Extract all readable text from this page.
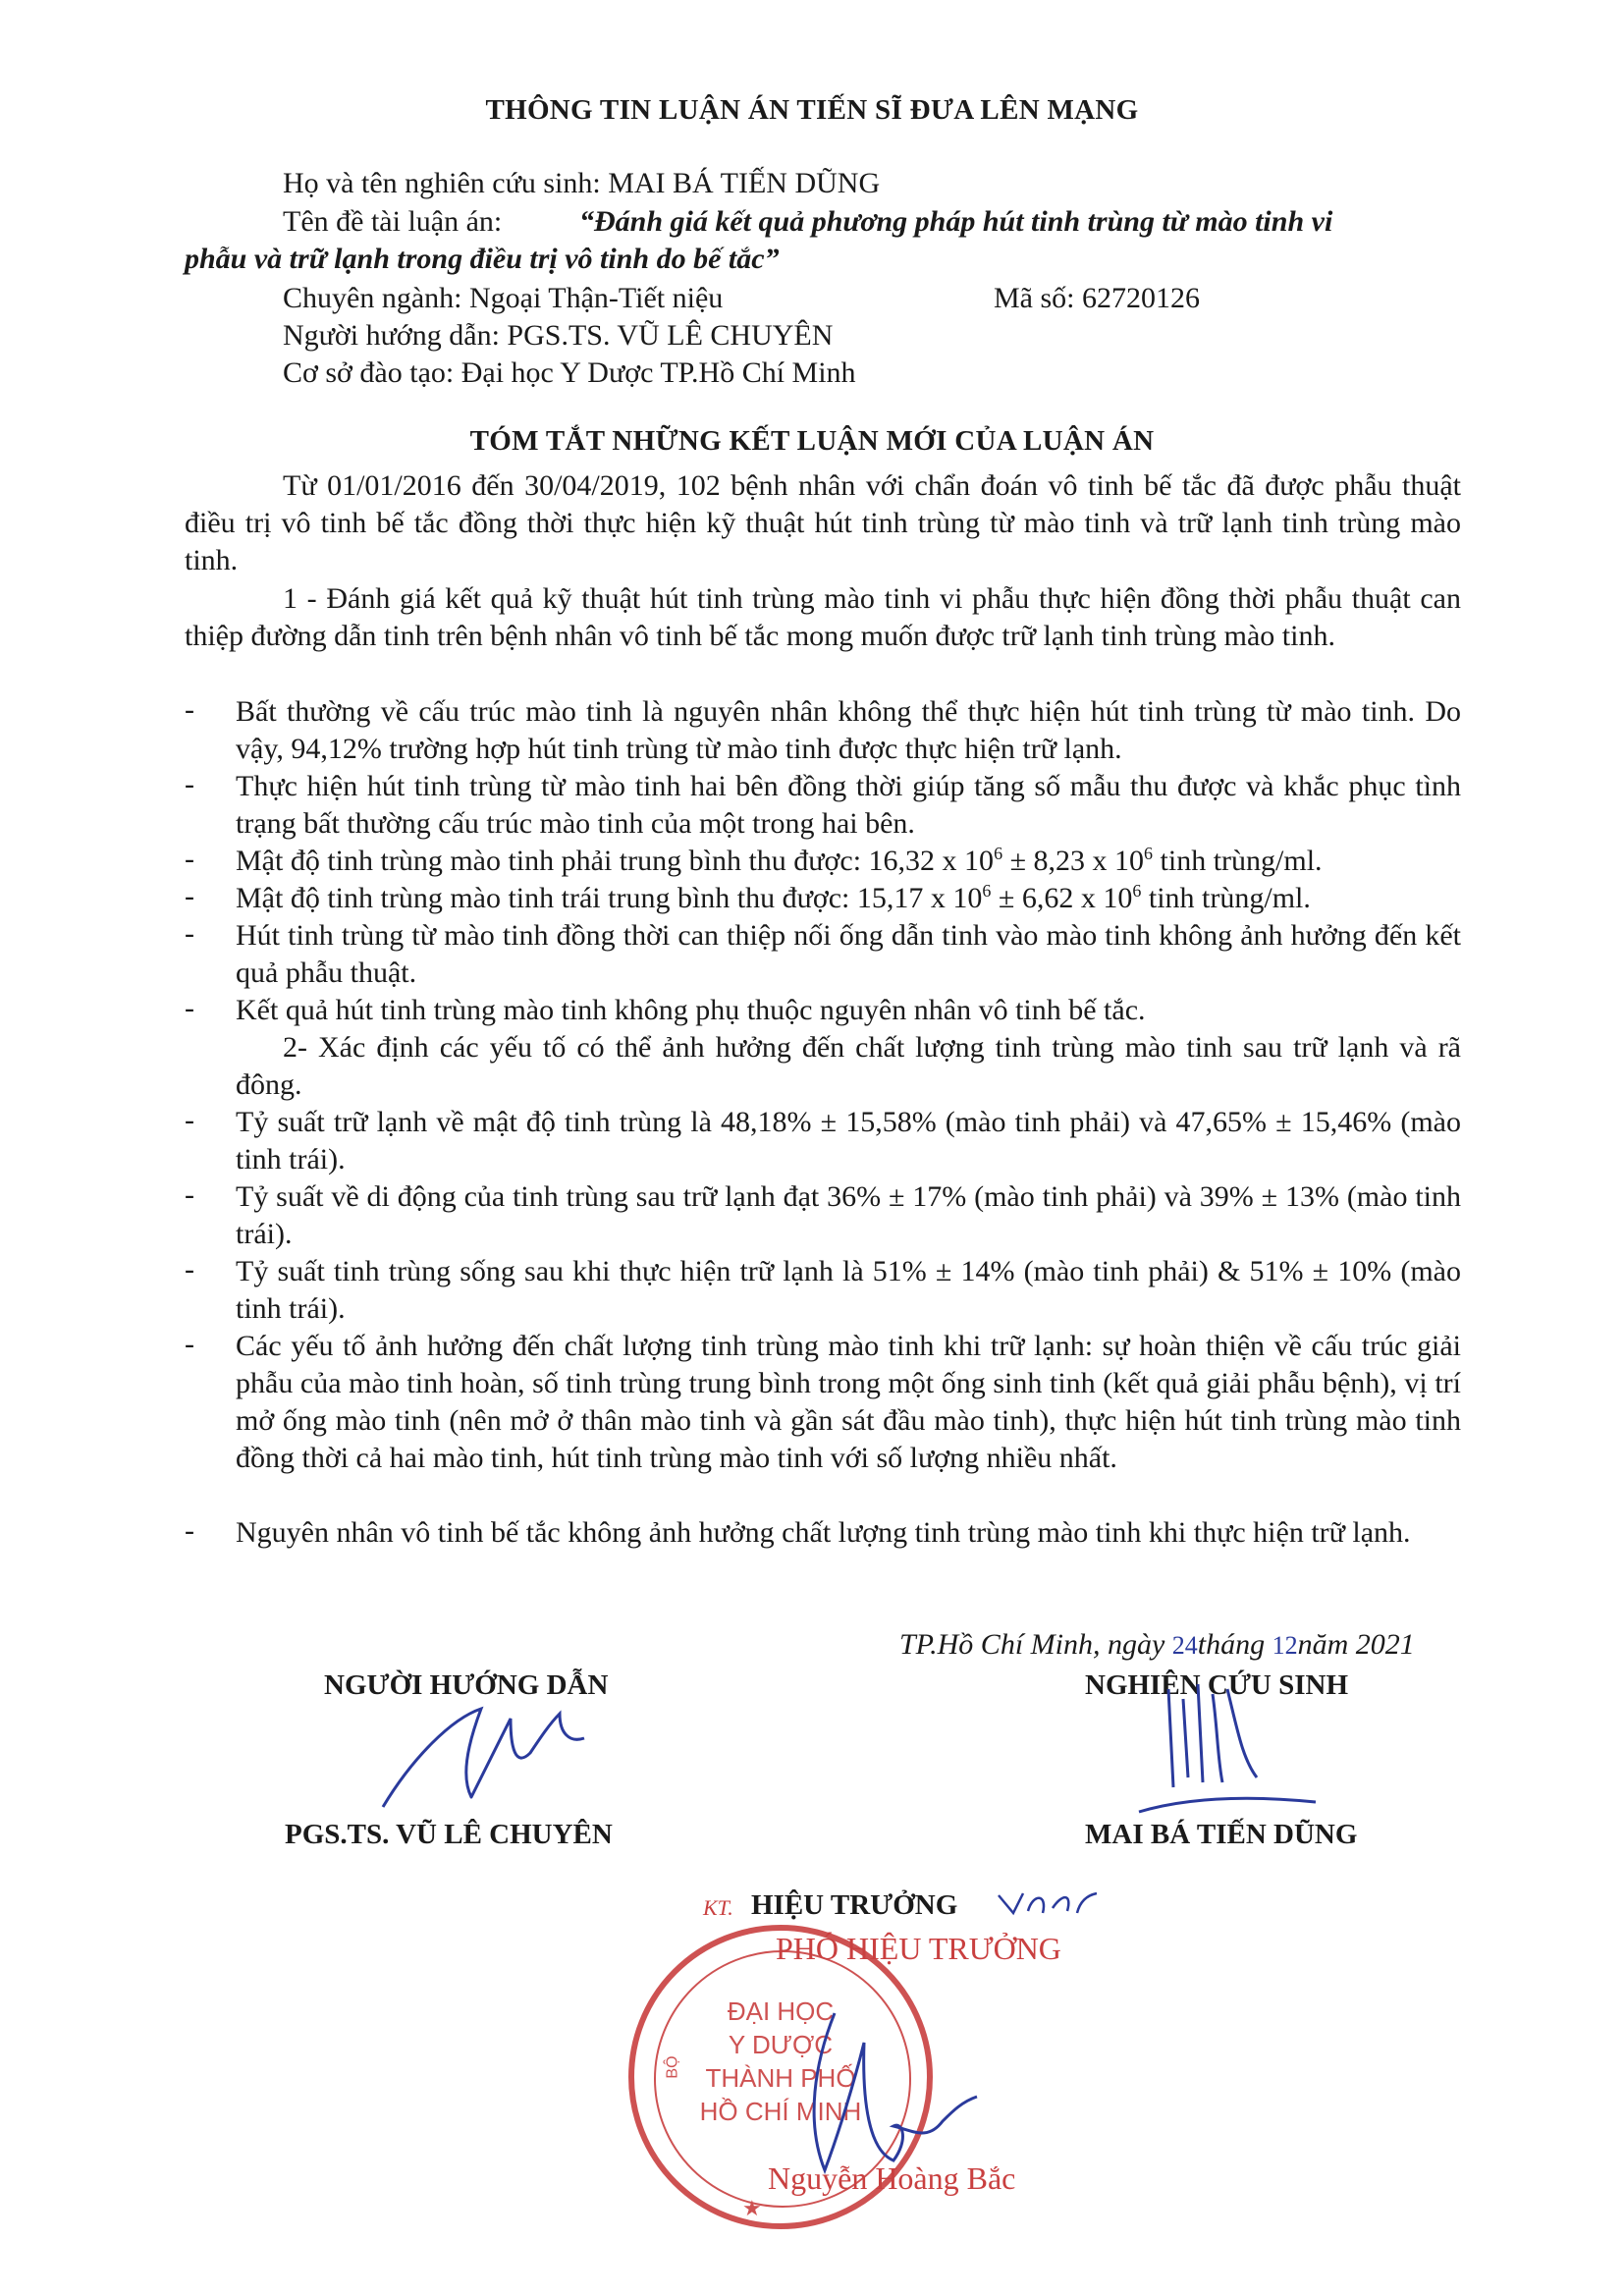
THÔNG TIN LUẬN ÁN TIẾN SĨ ĐƯA LÊN MẠNG
Họ và tên nghiên cứu sinh: MAI BÁ TIẾN DŨNG
Tên đề tài luận án:	“Đánh giá kết quả phương pháp hút tinh trùng từ mào tinh vi
phẫu và trữ lạnh trong điều trị vô tinh do bế tắc”
Chuyên ngành: Ngoại Thận-Tiết niệu	Mã số: 62720126
Người hướng dẫn: PGS.TS. VŨ LÊ CHUYÊN
Cơ sở đào tạo: Đại học Y Dược TP.Hồ Chí Minh
TÓM TẮT NHỮNG KẾT LUẬN MỚI CỦA LUẬN ÁN
Từ 01/01/2016 đến 30/04/2019, 102 bệnh nhân với chẩn đoán vô tinh bế tắc đã được phẫu thuật điều trị vô tinh bế tắc đồng thời thực hiện kỹ thuật hút tinh trùng từ mào tinh và trữ lạnh tinh trùng mào tinh.
1 - Đánh giá kết quả kỹ thuật hút tinh trùng mào tinh vi phẫu thực hiện đồng thời phẫu thuật can thiệp đường dẫn tinh trên bệnh nhân vô tinh bế tắc mong muốn được trữ lạnh tinh trùng mào tinh.
- Bất thường về cấu trúc mào tinh là nguyên nhân không thể thực hiện hút tinh trùng từ mào tinh. Do vậy, 94,12% trường hợp hút tinh trùng từ mào tinh được thực hiện trữ lạnh.
- Thực hiện hút tinh trùng từ mào tinh hai bên đồng thời giúp tăng số mẫu thu được và khắc phục tình trạng bất thường cấu trúc mào tinh của một trong hai bên.
- Mật độ tinh trùng mào tinh phải trung bình thu được: 16,32 x $10^6 \pm 8,23$ x $10^6$ tinh trùng/ml.
- Mật độ tinh trùng mào tinh trái trung bình thu được: 15,17 x $10^6 \pm 6,62$ x $10^6$ tinh trùng/ml.
- Hút tinh trùng từ mào tinh đồng thời can thiệp nối ống dẫn tinh vào mào tinh không ảnh hưởng đến kết quả phẫu thuật.
- Kết quả hút tinh trùng mào tinh không phụ thuộc nguyên nhân vô tinh bế tắc.
2- Xác định các yếu tố có thể ảnh hưởng đến chất lượng tinh trùng mào tinh sau trữ lạnh và rã đông.
- Tỷ suất trữ lạnh về mật độ tinh trùng là 48,18% ± 15,58% (mào tinh phải) và 47,65% ± 15,46% (mào tinh trái).
- Tỷ suất về di động của tinh trùng sau trữ lạnh đạt 36% ± 17% (mào tinh phải) và 39% ± 13% (mào tinh trái).
- Tỷ suất tinh trùng sống sau khi thực hiện trữ lạnh là 51% ± 14% (mào tinh phải) & 51% ± 10% (mào tinh trái).
- Các yếu tố ảnh hưởng đến chất lượng tinh trùng mào tinh khi trữ lạnh: sự hoàn thiện về cấu trúc giải phẫu của mào tinh hoàn, số tinh trùng trung bình trong một ống sinh tinh (kết quả giải phẫu bệnh), vị trí mở ống mào tinh (nên mở ở thân mào tinh và gần sát đầu mào tinh), thực hiện hút tinh trùng mào tinh đồng thời cả hai mào tinh, hút tinh trùng mào tinh với số lượng nhiều nhất.
- Nguyên nhân vô tinh bế tắc không ảnh hưởng chất lượng tinh trùng mào tinh khi thực hiện trữ lạnh.
TP.Hồ Chí Minh, ngày 24tháng 12năm 2021
NGƯỜI HƯỚNG DẪN
PGS.TS. VŨ LÊ CHUYÊN
NGHIÊN CỨU SINH
MAI BÁ TIẾN DŨNG
KT. HIỆU TRƯỞNG
PHÓ HIỆU TRƯỞNG
ĐẠI HỌC
Y DƯỢC
THÀNH PHỐ
HỒ CHÍ MINH
BỘ
★
Nguyễn Hoàng Bắc
